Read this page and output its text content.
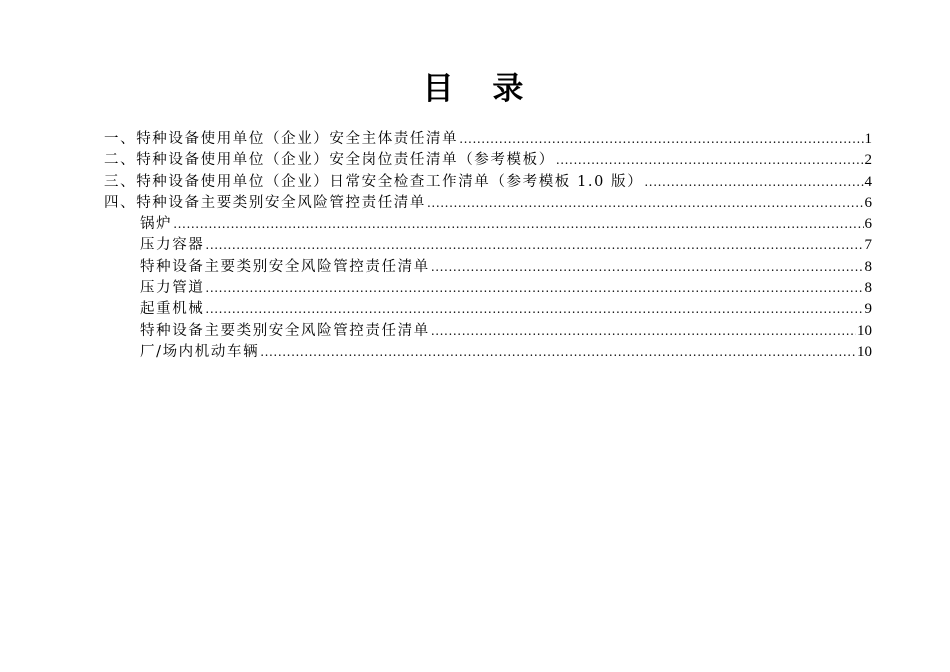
目 录
一、特种设备使用单位（企业）安全主体责任清单 .....	1
二、特种设备使用单位（企业）安全岗位责任清单（参考模板） .....	2
三、特种设备使用单位（企业）日常安全检查工作清单（参考模板 1.0 版） .....	4
四、特种设备主要类别安全风险管控责任清单 .....	6
锅炉 .....	6
压力容器 .....	7
特种设备主要类别安全风险管控责任清单 .....	8
压力管道 .....	8
起重机械 .....	9
特种设备主要类别安全风险管控责任清单 .....	10
厂/场内机动车辆 .....	10
